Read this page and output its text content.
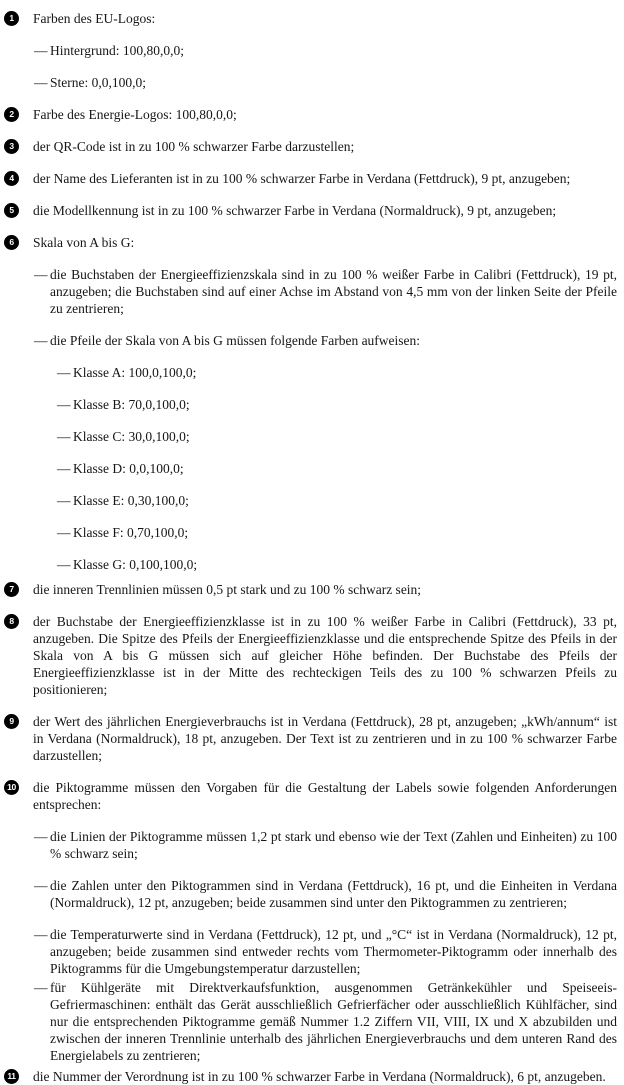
1	Farben des EU-Logos:

— Hintergrund: 100,80,0,0;

— Sterne: 0,0,100,0;

2	Farbe des Energie-Logos: 100,80,0,0;

3	der QR-Code ist in zu 100 % schwarzer Farbe darzustellen;

4	der Name des Lieferanten ist in zu 100 % schwarzer Farbe in Verdana (Fettdruck), 9 pt, anzugeben;

5	die Modellkennung ist in zu 100 % schwarzer Farbe in Verdana (Normaldruck), 9 pt, anzugeben;

6	Skala von A bis G:

— die Buchstaben der Energieeffizienzskala sind in zu 100 % weißer Farbe in Calibri (Fettdruck), 19 pt, anzugeben; die Buchstaben sind auf einer Achse im Abstand von 4,5 mm von der linken Seite der Pfeile zu zentrieren;

— die Pfeile der Skala von A bis G müssen folgende Farben aufweisen:

— Klasse A: 100,0,100,0;

— Klasse B: 70,0,100,0;

— Klasse C: 30,0,100,0;

— Klasse D: 0,0,100,0;

— Klasse E: 0,30,100,0;

— Klasse F: 0,70,100,0;

— Klasse G: 0,100,100,0;

7	die inneren Trennlinien müssen 0,5 pt stark und zu 100 % schwarz sein;

8	der Buchstabe der Energieeffizienzklasse ist in zu 100 % weißer Farbe in Calibri (Fettdruck), 33 pt, anzugeben. Die Spitze des Pfeils der Energieeffizienzklasse und die entsprechende Spitze des Pfeils in der Skala von A bis G müssen sich auf gleicher Höhe befinden. Der Buchstabe des Pfeils der Energieeffizienzklasse ist in der Mitte des rechteckigen Teils des zu 100 % schwarzen Pfeils zu positionieren;

9	der Wert des jährlichen Energieverbrauchs ist in Verdana (Fettdruck), 28 pt, anzugeben; „kWh/annum“ ist in Verdana (Normaldruck), 18 pt, anzugeben. Der Text ist zu zentrieren und in zu 100 % schwarzer Farbe darzustellen;

10 die Piktogramme müssen den Vorgaben für die Gestaltung der Labels sowie folgenden Anforderungen entsprechen:

— die Linien der Piktogramme müssen 1,2 pt stark und ebenso wie der Text (Zahlen und Einheiten) zu 100 % schwarz sein;

— die Zahlen unter den Piktogrammen sind in Verdana (Fettdruck), 16 pt, und die Einheiten in Verdana (Normaldruck), 12 pt, anzugeben; beide zusammen sind unter den Piktogrammen zu zentrieren;

— die Temperaturwerte sind in Verdana (Fettdruck), 12 pt, und „°C“ ist in Verdana (Normaldruck), 12 pt, anzugeben; beide zusammen sind entweder rechts vom Thermometer-Piktogramm oder innerhalb des Piktogramms für die Umgebungstemperatur darzustellen;

— für Kühlgeräte mit Direktverkaufsfunktion, ausgenommen Getränkekühler und Speiseeis-Gefriermaschinen: enthält das Gerät ausschließlich Gefrierfächer oder ausschließlich Kühlfächer, sind nur die entsprechenden Piktogramme gemäß Nummer 1.2 Ziffern VII, VIII, IX und X abzubilden und zwischen der inneren Trennlinie unterhalb des jährlichen Energieverbrauchs und dem unteren Rand des Energielabels zu zentrieren;

11 die Nummer der Verordnung ist in zu 100 % schwarzer Farbe in Verdana (Normaldruck), 6 pt, anzugeben.
